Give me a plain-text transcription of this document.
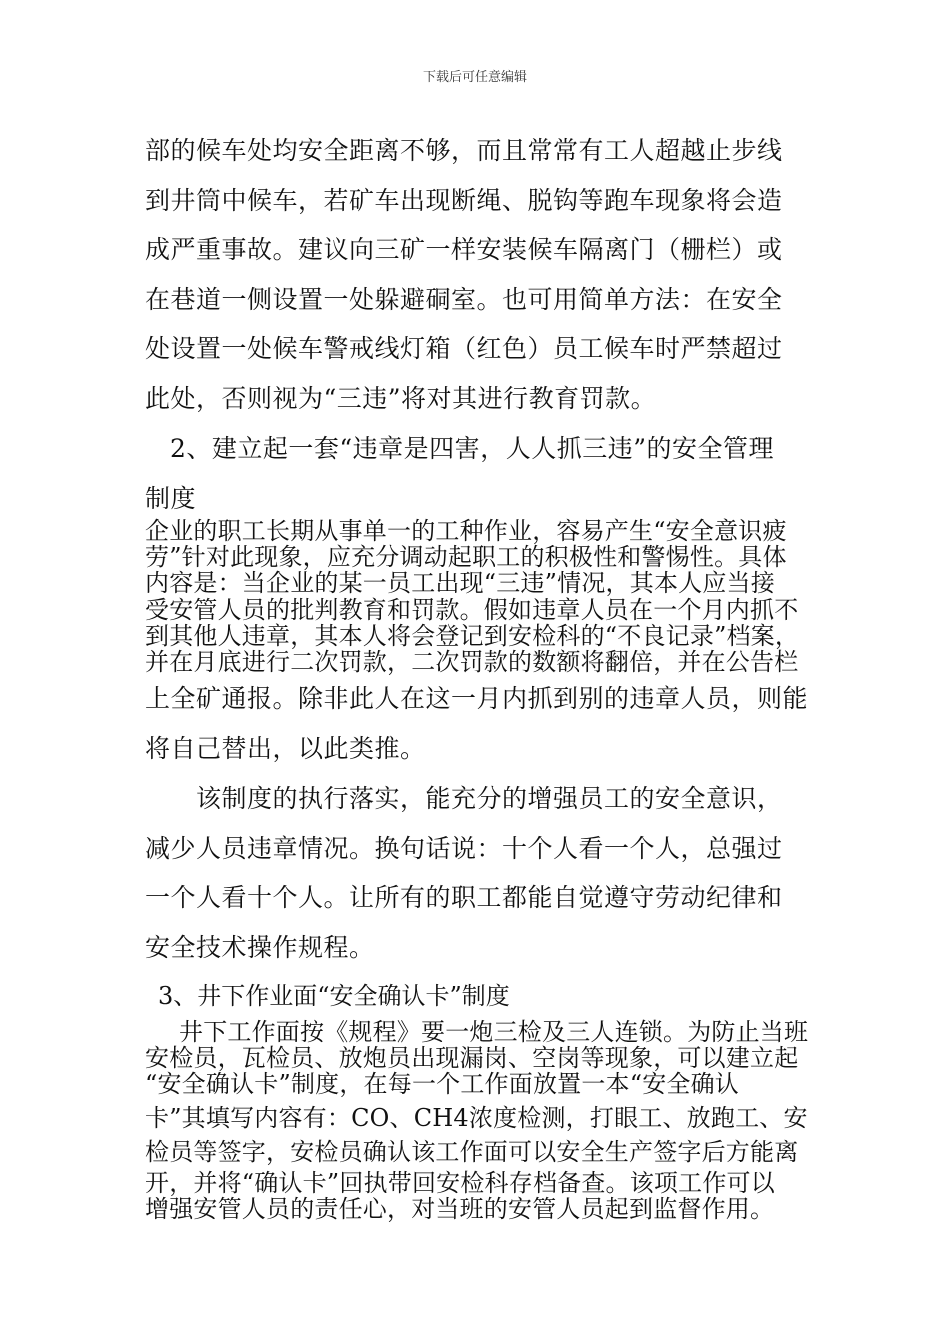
下载后可任意编辑
部的候车处均安全距离不够，而且常常有工人超越止步线
到井筒中候车，若矿车出现断绳、脱钩等跑车现象将会造
成严重事故。建议向三矿一样安装候车隔离门（栅栏）或
在巷道一侧设置一处躲避硐室。也可用简单方法：在安全
处设置一处候车警戒线灯箱（红色）员工候车时严禁超过
此处，否则视为“三违”将对其进行教育罚款。
2、建立起一套“违章是四害，人人抓三违”的安全管理
制度
企业的职工长期从事单一的工种作业，容易产生“安全意识疲
劳”针对此现象，应充分调动起职工的积极性和警惕性。具体
内容是：当企业的某一员工出现“三违”情况，其本人应当接
受安管人员的批判教育和罚款。假如违章人员在一个月内抓不
到其他人违章，其本人将会登记到安检科的“不良记录”档案，
并在月底进行二次罚款，二次罚款的数额将翻倍，并在公告栏
上全矿通报。除非此人在这一月内抓到别的违章人员，则能
将自己替出，以此类推。
　　该制度的执行落实，能充分的增强员工的安全意识，
减少人员违章情况。换句话说：十个人看一个人，总强过
一个人看十个人。让所有的职工都能自觉遵守劳动纪律和
安全技术操作规程。
3、井下作业面“安全确认卡”制度
井下工作面按《规程》要一炮三检及三人连锁。为防止当班
安检员，瓦检员、放炮员出现漏岗、空岗等现象，可以建立起
“安全确认卡”制度，在每一个工作面放置一本“安全确认
卡”其填写内容有：CO、CH4浓度检测，打眼工、放跑工、安
检员等签字，安检员确认该工作面可以安全生产签字后方能离
开，并将“确认卡”回执带回安检科存档备查。该项工作可以
增强安管人员的责任心，对当班的安管人员起到监督作用。
